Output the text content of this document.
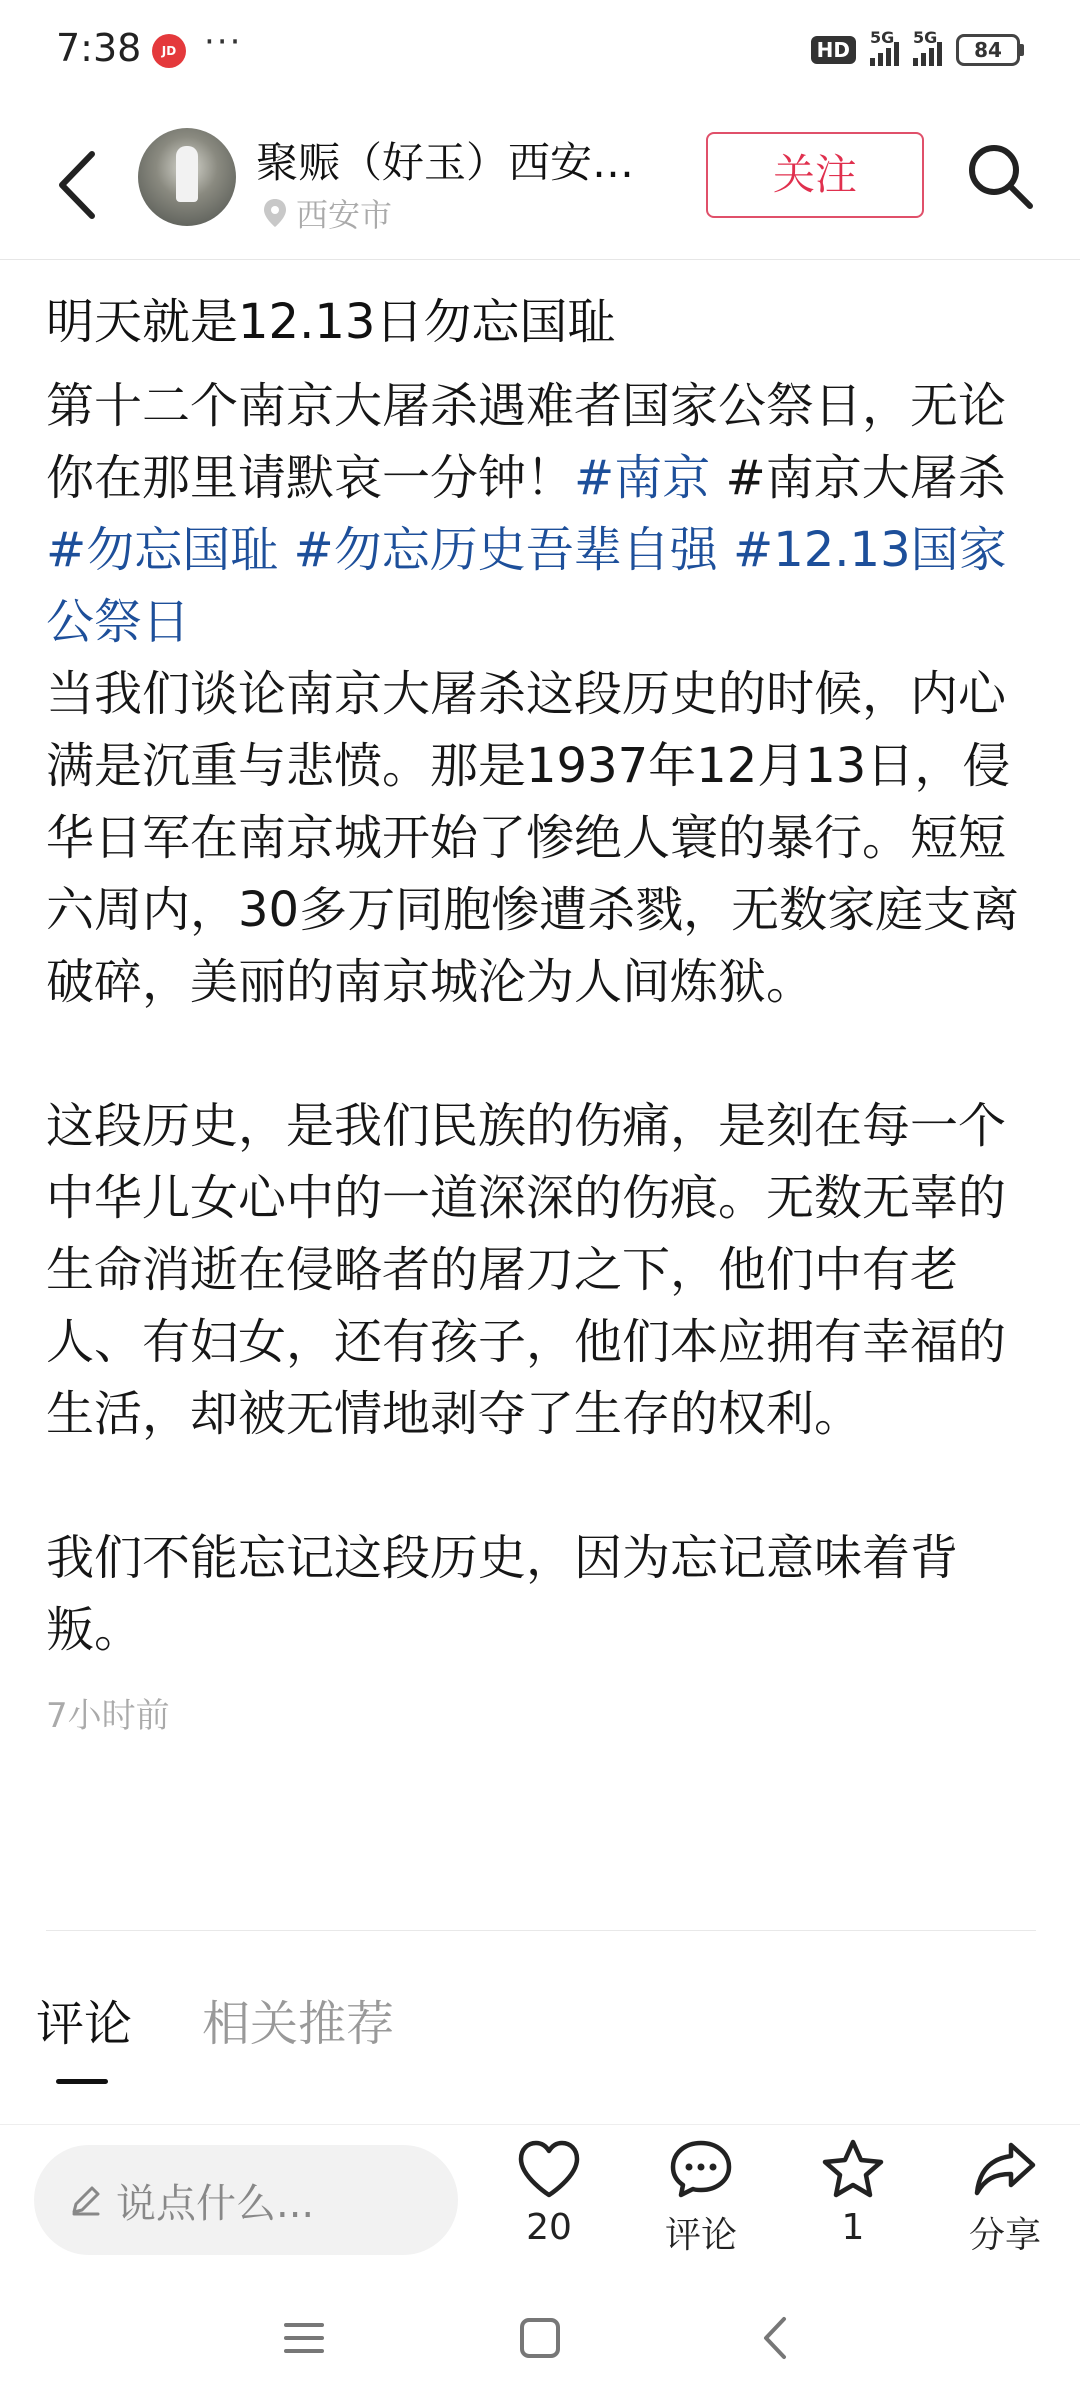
7:38	JD ···	HD
5G 5G
84
聚赈（好玉）西安…
西安市
关注
明天就是12.13日勿忘国耻

第十二个南京大屠杀遇难者国家公祭日，无论你在那里请默哀一分钟！#南京 #南京大屠杀 #勿忘国耻 #勿忘历史吾辈自强 #12.13国家公祭日

当我们谈论南京大屠杀这段历史的时候，内心满是沉重与悲愤。那是1937年12月13日，侵华日军在南京城开始了惨绝人寰的暴行。短短六周内，30多万同胞惨遭杀戮，无数家庭支离破碎，美丽的南京城沦为人间炼狱。

这段历史，是我们民族的伤痛，是刻在每一个中华儿女心中的一道深深的伤痕。无数无辜的生命消逝在侵略者的屠刀之下，他们中有老人、有妇女，还有孩子，他们本应拥有幸福的生活，却被无情地剥夺了生存的权利。

我们不能忘记这段历史，因为忘记意味着背叛。

7小时前
评论 相关推荐
说点什么...
20	评论	1	分享
